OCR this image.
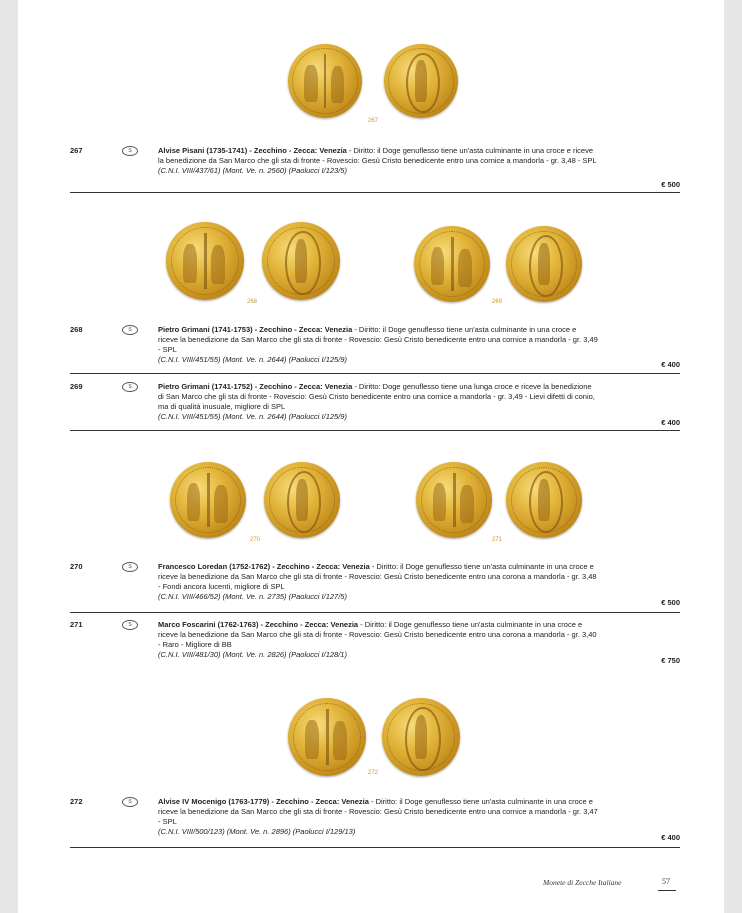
267
268	269
270	271
272
267	S	Alvise Pisani (1735-1741) - Zecchino - Zecca: Venezia - Diritto: il Doge genuflesso tiene un'asta culminante in una croce e riceve la benedizione da San Marco che gli sta di fronte - Rovescio: Gesù Cristo benedicente entro una cornice a mandorla - gr. 3,48 - SPL
(C.N.I. VIII/437/61) (Mont. Ve. n. 2560) (Paolucci I/123/5)
€ 500
268	S	Pietro Grimani (1741-1753) - Zecchino - Zecca: Venezia - Diritto: il Doge genuflesso tiene un'asta culminante in una croce e riceve la benedizione da San Marco che gli sta di fronte - Rovescio: Gesù Cristo benedicente entro una cornice a mandorla - gr. 3,49 - SPL
(C.N.I. VIII/451/55) (Mont. Ve. n. 2644) (Paolucci I/125/9)
€ 400
269	S	Pietro Grimani (1741-1752) - Zecchino - Zecca: Venezia - Diritto: Doge genuflesso tiene una lunga croce e riceve la benedizione di San Marco che gli sta di fronte - Rovescio: Gesù Cristo benedicente entro una cornice a mandorla - gr. 3,49 - Lievi difetti di conio, ma di qualità inusuale, migliore di SPL
(C.N.I. VIII/451/55) (Mont. Ve. n. 2644) (Paolucci I/125/9)
€ 400
270	S	Francesco Loredan (1752-1762) - Zecchino - Zecca: Venezia - Diritto: il Doge genuflesso tiene un'asta culminante in una croce e riceve la benedizione da San Marco che gli sta di fronte - Rovescio: Gesù Cristo benedicente entro una corona a mandorla - gr. 3,48 - Fondi ancora lucenti, migliore di SPL
(C.N.I. VIII/466/52) (Mont. Ve. n. 2735) (Paolucci I/127/5)
€ 500
271	S	Marco Foscarini (1762-1763) - Zecchino - Zecca: Venezia - Diritto: il Doge genuflesso tiene un'asta culminante in una croce e riceve la benedizione da San Marco che gli sta di fronte - Rovescio: Gesù Cristo benedicente entro una corona a mandorla - gr. 3,40 - Raro - Migliore di BB
(C.N.I. VIII/481/30) (Mont. Ve. n. 2826) (Paolucci I/128/1)
€ 750
272	S	Alvise IV Mocenigo (1763-1779) - Zecchino - Zecca: Venezia - Diritto: il Doge genuflesso tiene un'asta culminante in una croce e riceve la benedizione da San Marco che gli sta di fronte - Rovescio: Gesù Cristo benedicente entro una cornice a mandorla - gr. 3,47 - SPL
(C.N.I. VIII/500/123) (Mont. Ve. n. 2896) (Paolucci I/129/13)
€ 400
Monete di Zecche Italiane	57
